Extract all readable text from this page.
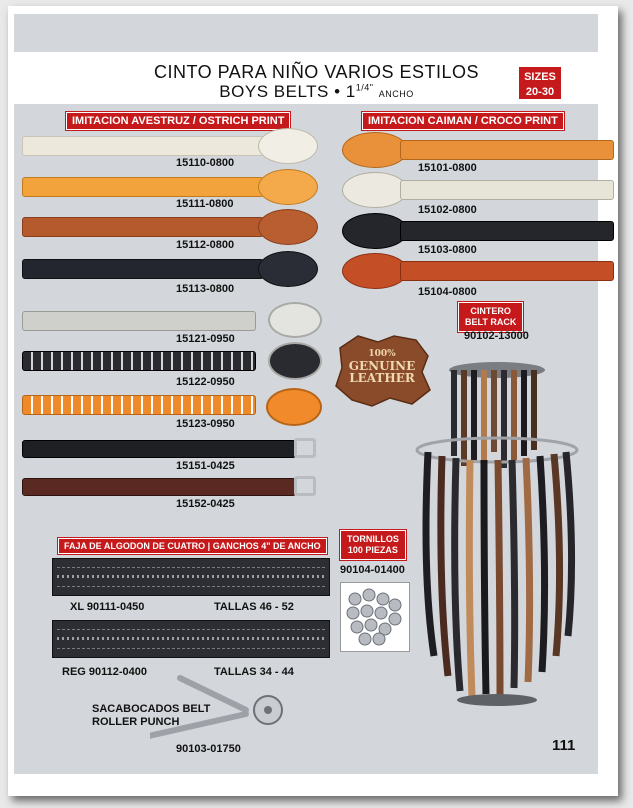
CINTO PARA NIÑO VARIOS ESTILOS
BOYS BELTS • $1^{1/4"}$ ANCHO
SIZES
20-30
IMITACION AVESTRUZ / OSTRICH PRINT	IMITACION CAIMAN / CROCO PRINT
15110-0800
15111-0800
15112-0800
15113-0800
15121-0950
15122-0950
15123-0950
15151-0425
15152-0425
15101-0800
15102-0800
15103-0800
15104-0800
100%
GENUINE
LEATHER
CINTERO
BELT RACK
90102-13000
FAJA DE ALGODON DE CUATRO | GANCHOS 4" DE ANCHO
XL 90111-0450	TALLAS 46 - 52
REG 90112-0400	TALLAS 34 - 44
TORNILLOS
100 PIEZAS
90104-01400
SACABOCADOS BELT
ROLLER PUNCH
90103-01750	111
